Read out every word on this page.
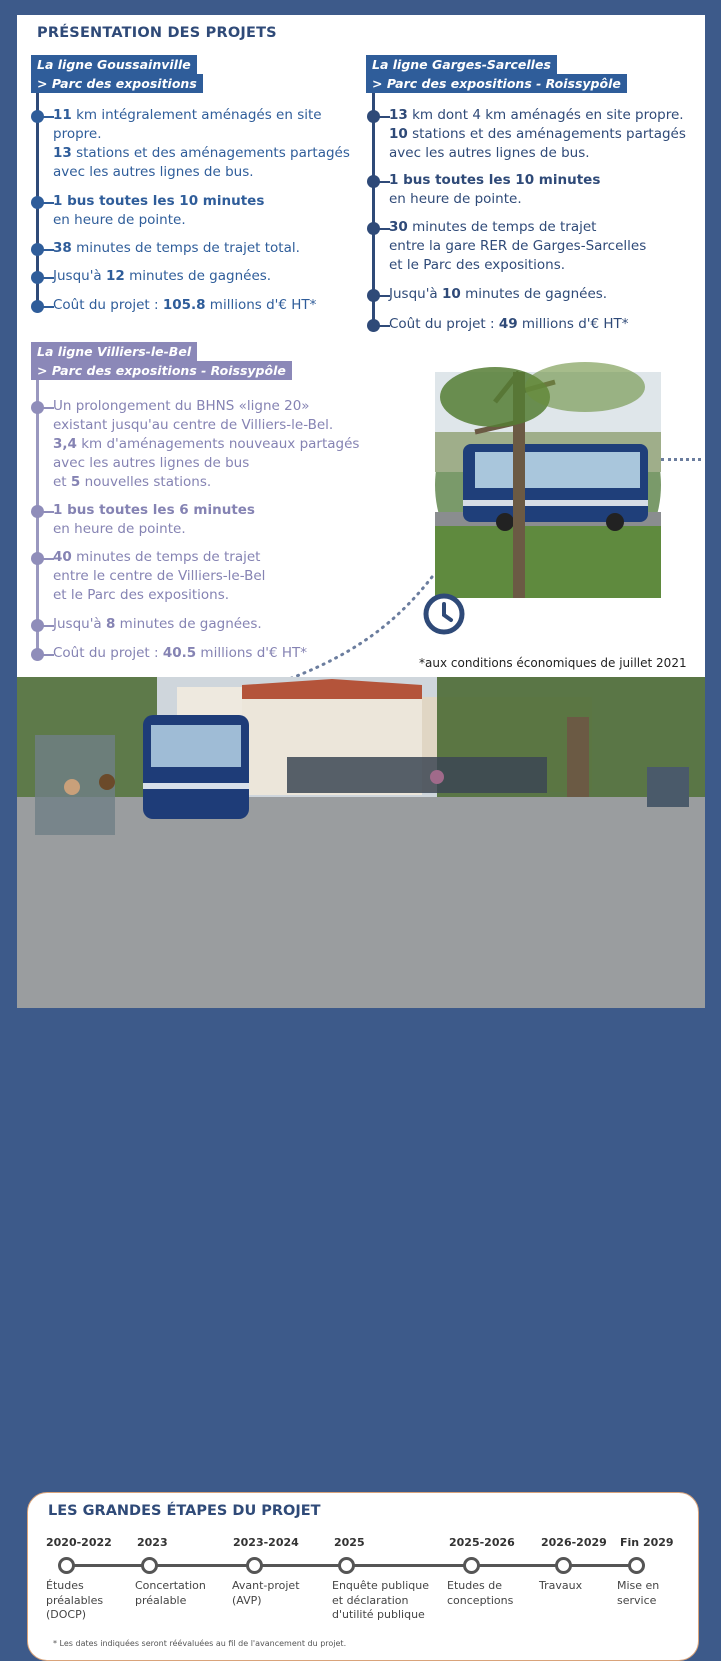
PRÉSENTATION DES PROJETS
La ligne Goussainville
> Parc des expositions
11 km intégralement aménagés en site
propre.
13 stations et des aménagements partagés
avec les autres lignes de bus.
1 bus toutes les 10 minutes
en heure de pointe.
38 minutes de temps de trajet total.
Jusqu'à 12 minutes de gagnées.
Coût du projet : 105.8 millions d'€ HT*
La ligne Garges-Sarcelles
> Parc des expositions - Roissypôle
13 km dont 4 km aménagés en site propre.
10 stations et des aménagements partagés
avec les autres lignes de bus.
1 bus toutes les 10 minutes
en heure de pointe.
30 minutes de temps de trajet
entre la gare RER de Garges-Sarcelles
et le Parc des expositions.
Jusqu'à 10 minutes de gagnées.
Coût du projet : 49 millions d'€ HT*
La ligne Villiers-le-Bel
> Parc des expositions - Roissypôle
Un prolongement du BHNS «ligne 20»
existant jusqu'au centre de Villiers-le-Bel.
3,4 km d'aménagements nouveaux partagés
avec les autres lignes de bus
et 5 nouvelles stations.
1 bus toutes les 6 minutes
en heure de pointe.
40 minutes de temps de trajet
entre le centre de Villiers-le-Bel
et le Parc des expositions.
Jusqu'à 8 minutes de gagnées.
Coût du projet : 40.5 millions d'€ HT*
*aux conditions économiques de juillet 2021
LES GRANDES ÉTAPES DU PROJET
2020-2022
Études
préalables
(DOCP)
2023
Concertation
préalable
2023-2024
Avant-projet
(AVP)
2025
Enquête publique
et déclaration
d'utilité publique
2025-2026
Etudes de
conceptions
2026-2029
Travaux
Fin 2029
Mise en
service
* Les dates indiquées seront réévaluées au fil de l'avancement du projet.
